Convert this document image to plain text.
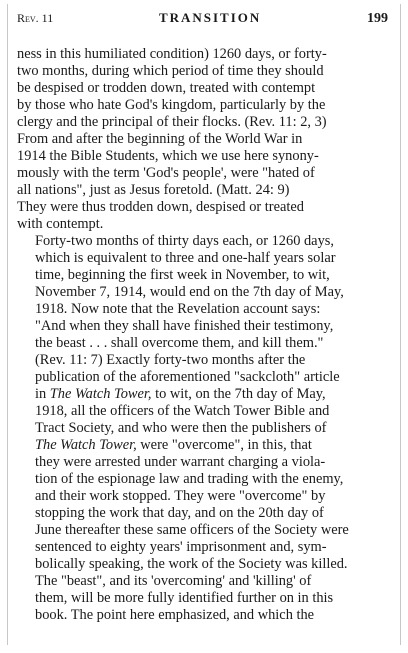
Rev. 11	TRANSITION	199

ness in this humiliated condition) 1260 days, or forty-
two months, during which period of time they should
be despised or trodden down, treated with contempt
by those who hate God's kingdom, particularly by the
clergy and the principal of their flocks. (Rev. 11: 2, 3)
From and after the beginning of the World War in
1914 the Bible Students, which we use here synony-
mously with the term 'God's people', were "hated of
all nations", just as Jesus foretold. (Matt. 24: 9)
They were thus trodden down, despised or treated
with contempt.

Forty-two months of thirty days each, or 1260 days,
which is equivalent to three and one-half years solar
time, beginning the first week in November, to wit,
November 7, 1914, would end on the 7th day of May,
1918. Now note that the Revelation account says:
"And when they shall have finished their testimony,
the beast . . . shall overcome them, and kill them."
(Rev. 11: 7) Exactly forty-two months after the
publication of the aforementioned "sackcloth" article
in The Watch Tower, to wit, on the 7th day of May,
1918, all the officers of the Watch Tower Bible and
Tract Society, and who were then the publishers of
The Watch Tower, were "overcome", in this, that
they were arrested under warrant charging a viola-
tion of the espionage law and trading with the enemy,
and their work stopped. They were "overcome" by
stopping the work that day, and on the 20th day of
June thereafter these same officers of the Society were
sentenced to eighty years' imprisonment and, sym-
bolically speaking, the work of the Society was killed.
The "beast", and its 'overcoming' and 'killing' of
them, will be more fully identified further on in this
book. The point here emphasized, and which the
